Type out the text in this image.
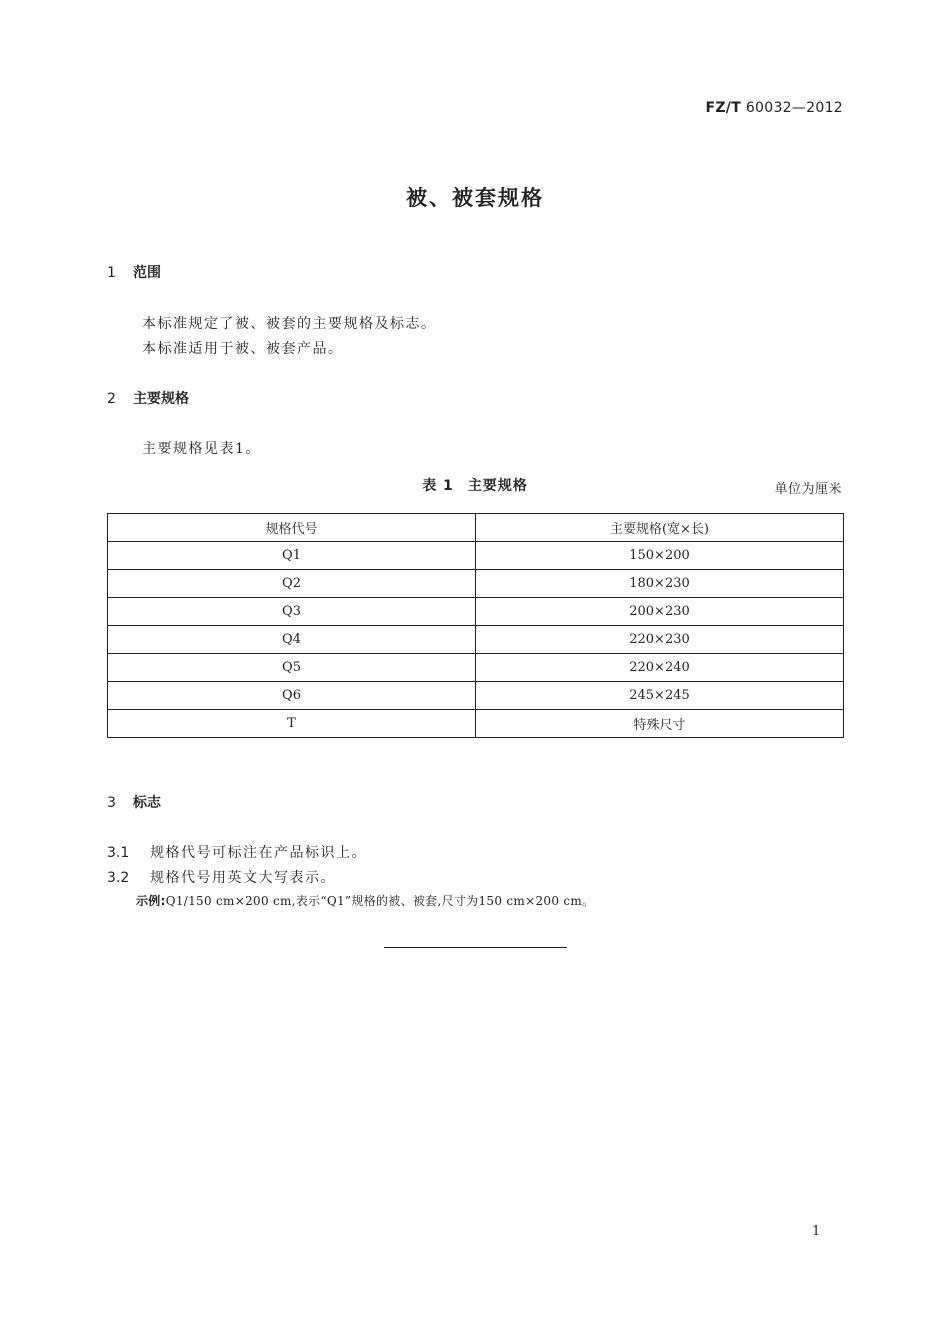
FZ/T 60032—2012
被、被套规格
1 范围
本标准规定了被、被套的主要规格及标志。
本标准适用于被、被套产品。
2 主要规格
主要规格见表1。
表 1 主要规格	单位为厘米
规格代号	主要规格(宽×长)
Q1	150×200
Q2	180×230
Q3	200×230
Q4	220×230
Q5	220×240
Q6	245×245
T	特殊尺寸
3 标志
3.1 规格代号可标注在产品标识上。
3.2 规格代号用英文大写表示。
示例:Q1/150 cm×200 cm,表示“Q1”规格的被、被套,尺寸为150 cm×200 cm。
1
